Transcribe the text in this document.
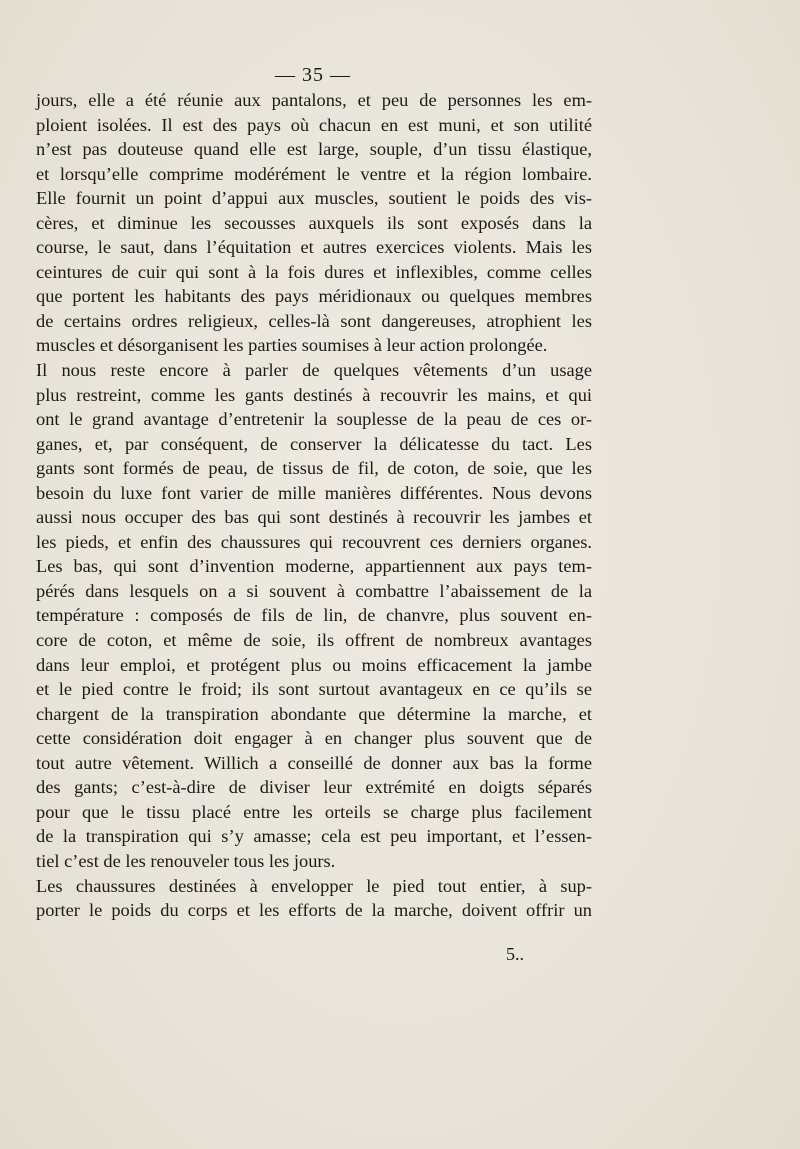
— 35 —
jours, elle a été réunie aux pantalons, et peu de personnes les em-
ploient isolées. Il est des pays où chacun en est muni, et son utilité
n’est pas douteuse quand elle est large, souple, d’un tissu élastique,
et lorsqu’elle comprime modérément le ventre et la région lombaire.
Elle fournit un point d’appui aux muscles, soutient le poids des vis-
cères, et diminue les secousses auxquels ils sont exposés dans la
course, le saut, dans l’équitation et autres exercices violents. Mais les
ceintures de cuir qui sont à la fois dures et inflexibles, comme celles
que portent les habitants des pays méridionaux ou quelques membres
de certains ordres religieux, celles-là sont dangereuses, atrophient les
muscles et désorganisent les parties soumises à leur action prolongée.
Il nous reste encore à parler de quelques vêtements d’un usage
plus restreint, comme les gants destinés à recouvrir les mains, et qui
ont le grand avantage d’entretenir la souplesse de la peau de ces or-
ganes, et, par conséquent, de conserver la délicatesse du tact. Les
gants sont formés de peau, de tissus de fil, de coton, de soie, que les
besoin du luxe font varier de mille manières différentes. Nous devons
aussi nous occuper des bas qui sont destinés à recouvrir les jambes et
les pieds, et enfin des chaussures qui recouvrent ces derniers organes.
Les bas, qui sont d’invention moderne, appartiennent aux pays tem-
pérés dans lesquels on a si souvent à combattre l’abaissement de la
température : composés de fils de lin, de chanvre, plus souvent en-
core de coton, et même de soie, ils offrent de nombreux avantages
dans leur emploi, et protégent plus ou moins efficacement la jambe
et le pied contre le froid; ils sont surtout avantageux en ce qu’ils se
chargent de la transpiration abondante que détermine la marche, et
cette considération doit engager à en changer plus souvent que de
tout autre vêtement. Willich a conseillé de donner aux bas la forme
des gants; c’est-à-dire de diviser leur extrémité en doigts séparés
pour que le tissu placé entre les orteils se charge plus facilement
de la transpiration qui s’y amasse; cela est peu important, et l’essen-
tiel c’est de les renouveler tous les jours.
Les chaussures destinées à envelopper le pied tout entier, à sup-
porter le poids du corps et les efforts de la marche, doivent offrir un
5..
